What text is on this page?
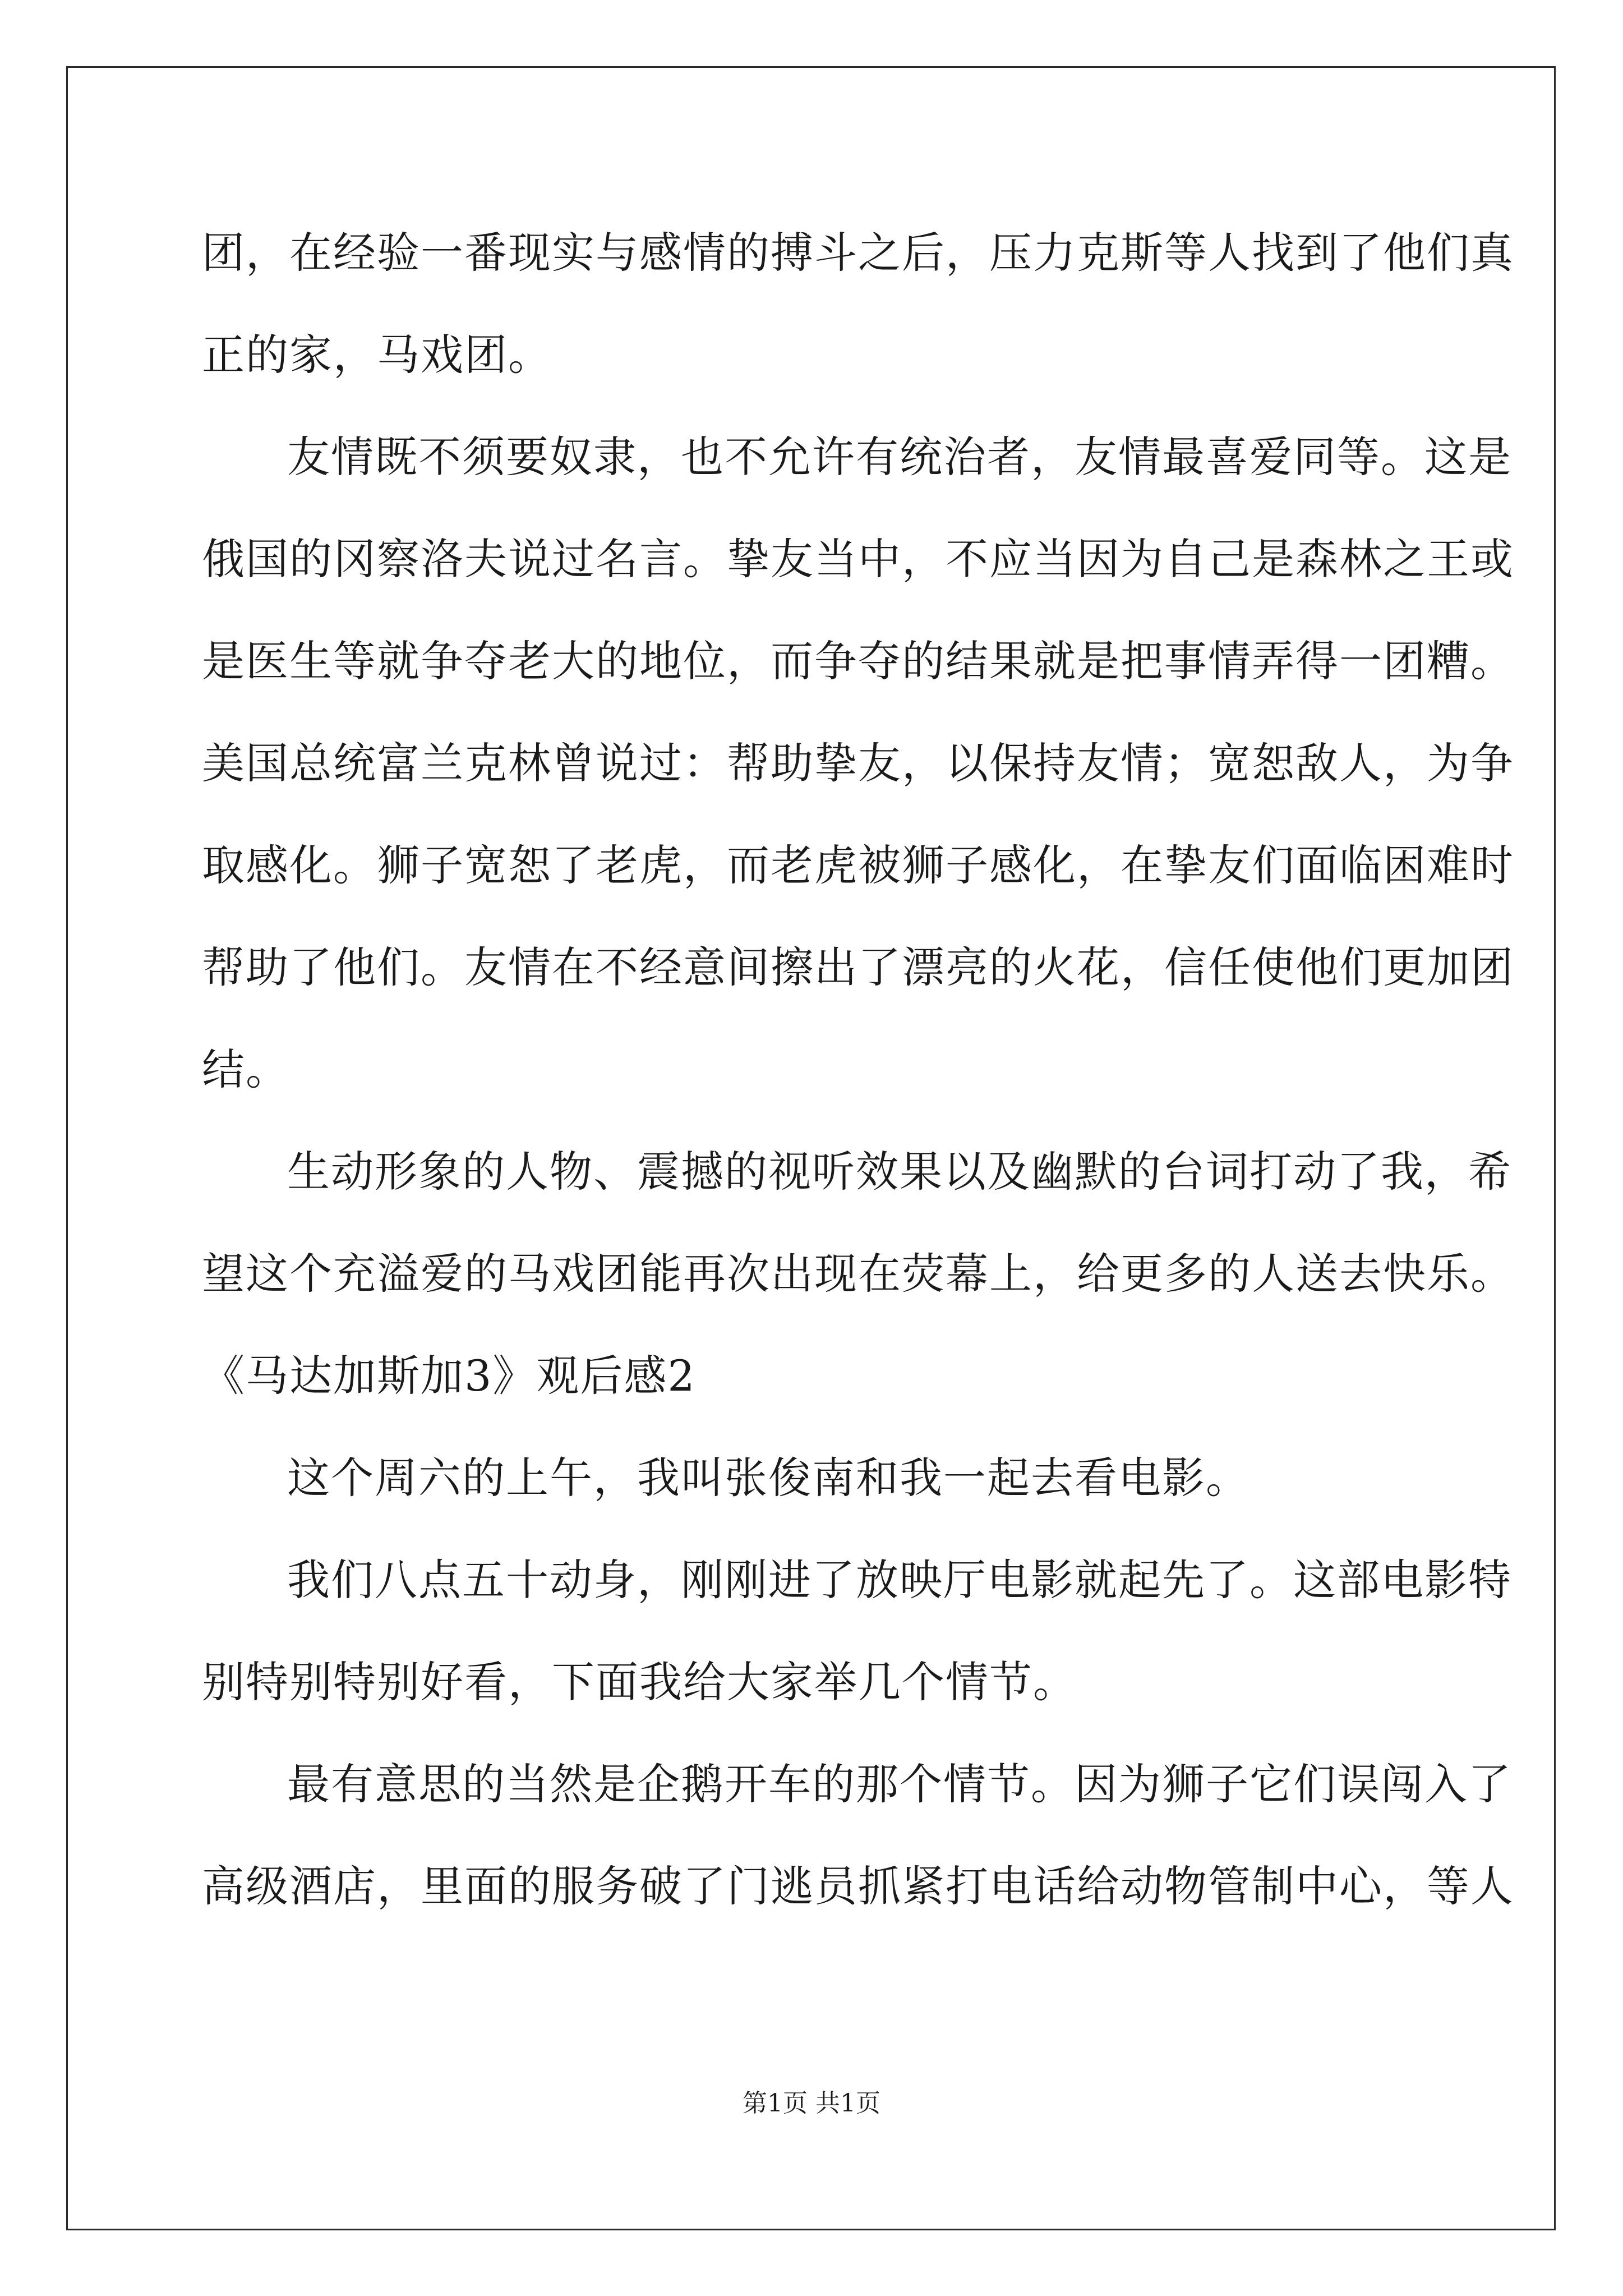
团，在经验一番现实与感情的搏斗之后，压力克斯等人找到了他们真
正的家，马戏团。
友情既不须要奴隶，也不允许有统治者，友情最喜爱同等。这是
俄国的冈察洛夫说过名言。挚友当中，不应当因为自己是森林之王或
是医生等就争夺老大的地位，而争夺的结果就是把事情弄得一团糟。
美国总统富兰克林曾说过：帮助挚友，以保持友情；宽恕敌人，为争
取感化。狮子宽恕了老虎，而老虎被狮子感化，在挚友们面临困难时
帮助了他们。友情在不经意间擦出了漂亮的火花，信任使他们更加团
结。
生动形象的人物、震撼的视听效果以及幽默的台词打动了我，希
望这个充溢爱的马戏团能再次出现在荧幕上，给更多的人送去快乐。
《马达加斯加3》观后感2
这个周六的上午，我叫张俊南和我一起去看电影。
我们八点五十动身，刚刚进了放映厅电影就起先了。这部电影特
别特别特别好看，下面我给大家举几个情节。
最有意思的当然是企鹅开车的那个情节。因为狮子它们误闯入了
高级酒店，里面的服务破了门逃员抓紧打电话给动物管制中心，等人
第1页 共1页
